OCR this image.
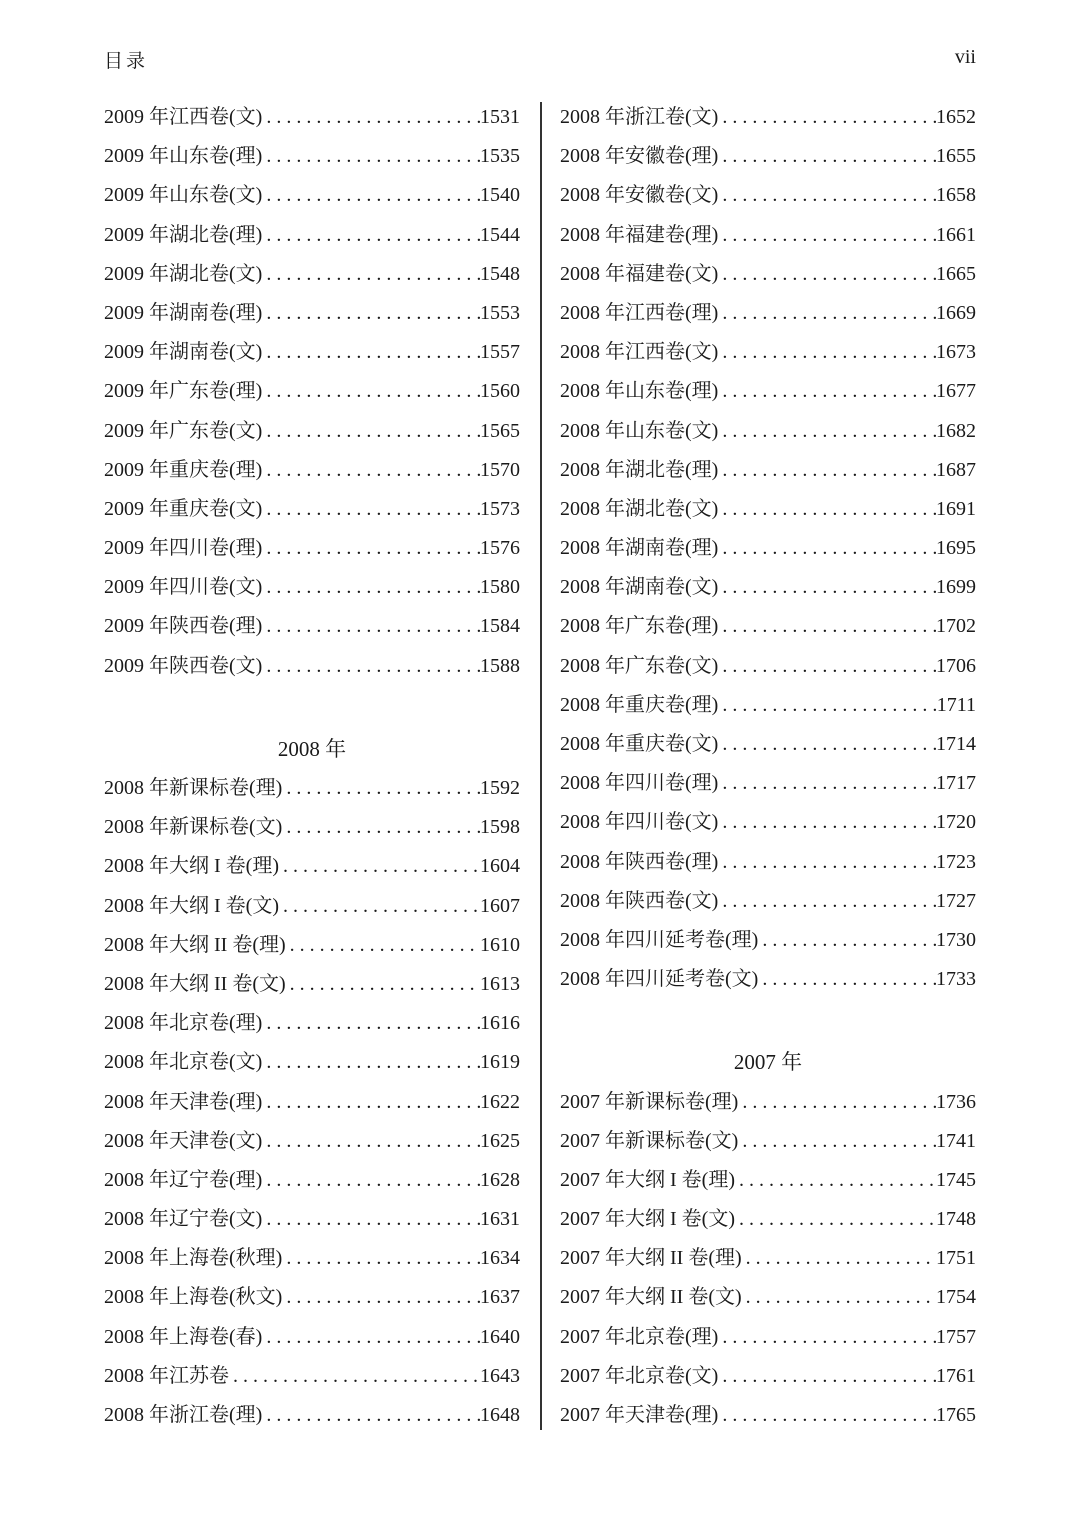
目录	vii
2009 年江西卷(文) . . .	1531
2009 年山东卷(理) . . .	1535
2009 年山东卷(文) . . .	1540
2009 年湖北卷(理) . . .	1544
2009 年湖北卷(文) . . .	1548
2009 年湖南卷(理) . . .	1553
2009 年湖南卷(文) . . .	1557
2009 年广东卷(理) . . .	1560
2009 年广东卷(文) . . .	1565
2009 年重庆卷(理) . . .	1570
2009 年重庆卷(文) . . .	1573
2009 年四川卷(理) . . .	1576
2009 年四川卷(文) . . .	1580
2009 年陕西卷(理) . . .	1584
2009 年陕西卷(文) . . .	1588
2008 年
2008 年新课标卷(理) . . .	1592
2008 年新课标卷(文) . . .	1598
2008 年大纲 I 卷(理) . . .	1604
2008 年大纲 I 卷(文) . . .	1607
2008 年大纲 II 卷(理) . . .	1610
2008 年大纲 II 卷(文) . . .	1613
2008 年北京卷(理) . . .	1616
2008 年北京卷(文) . . .	1619
2008 年天津卷(理) . . .	1622
2008 年天津卷(文) . . .	1625
2008 年辽宁卷(理) . . .	1628
2008 年辽宁卷(文) . . .	1631
2008 年上海卷(秋理) . . .	1634
2008 年上海卷(秋文) . . .	1637
2008 年上海卷(春) . . .	1640
2008 年江苏卷 . . .	1643
2008 年浙江卷(理) . . .	1648
2008 年浙江卷(文) . . .	1652
2008 年安徽卷(理) . . .	1655
2008 年安徽卷(文) . . .	1658
2008 年福建卷(理) . . .	1661
2008 年福建卷(文) . . .	1665
2008 年江西卷(理) . . .	1669
2008 年江西卷(文) . . .	1673
2008 年山东卷(理) . . .	1677
2008 年山东卷(文) . . .	1682
2008 年湖北卷(理) . . .	1687
2008 年湖北卷(文) . . .	1691
2008 年湖南卷(理) . . .	1695
2008 年湖南卷(文) . . .	1699
2008 年广东卷(理) . . .	1702
2008 年广东卷(文) . . .	1706
2008 年重庆卷(理) . . .	1711
2008 年重庆卷(文) . . .	1714
2008 年四川卷(理) . . .	1717
2008 年四川卷(文) . . .	1720
2008 年陕西卷(理) . . .	1723
2008 年陕西卷(文) . . .	1727
2008 年四川延考卷(理) . . .	1730
2008 年四川延考卷(文) . . .	1733
2007 年
2007 年新课标卷(理) . . .	1736
2007 年新课标卷(文) . . .	1741
2007 年大纲 I 卷(理) . . .	1745
2007 年大纲 I 卷(文) . . .	1748
2007 年大纲 II 卷(理) . . .	1751
2007 年大纲 II 卷(文) . . .	1754
2007 年北京卷(理) . . .	1757
2007 年北京卷(文) . . .	1761
2007 年天津卷(理) . . .	1765
